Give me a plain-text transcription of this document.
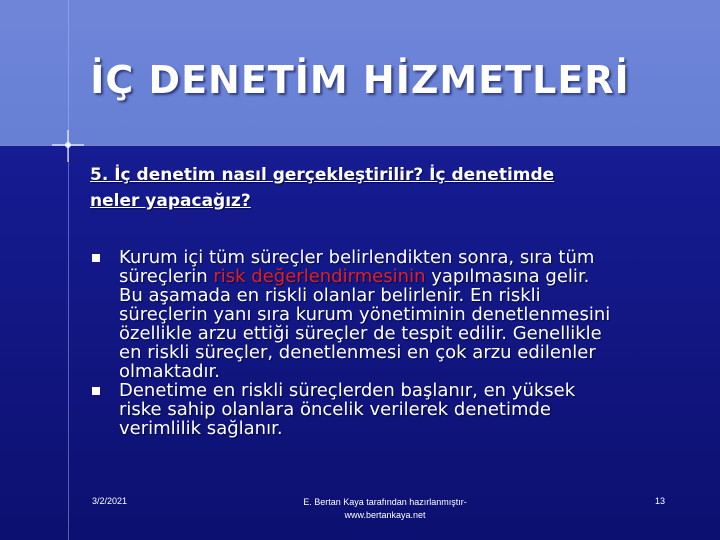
İÇ DENETİM HİZMETLERİ
5. İç denetim nasıl gerçekleştirilir? İç denetimde
neler yapacağız?
Kurum içi tüm süreçler belirlendikten sonra, sıra tüm
süreçlerin risk değerlendirmesinin yapılmasına gelir.
Bu aşamada en riskli olanlar belirlenir. En riskli
süreçlerin yanı sıra kurum yönetiminin denetlenmesini
özellikle arzu ettiği süreçler de tespit edilir. Genellikle
en riskli süreçler, denetlenmesi en çok arzu edilenler
olmaktadır.
Denetime en riskli süreçlerden başlanır, en yüksek
riske sahip olanlara öncelik verilerek denetimde
verimlilik sağlanır.
3/2/2021	E. Bertan Kaya tarafından hazırlanmıştır-
www.bertankaya.net
13
